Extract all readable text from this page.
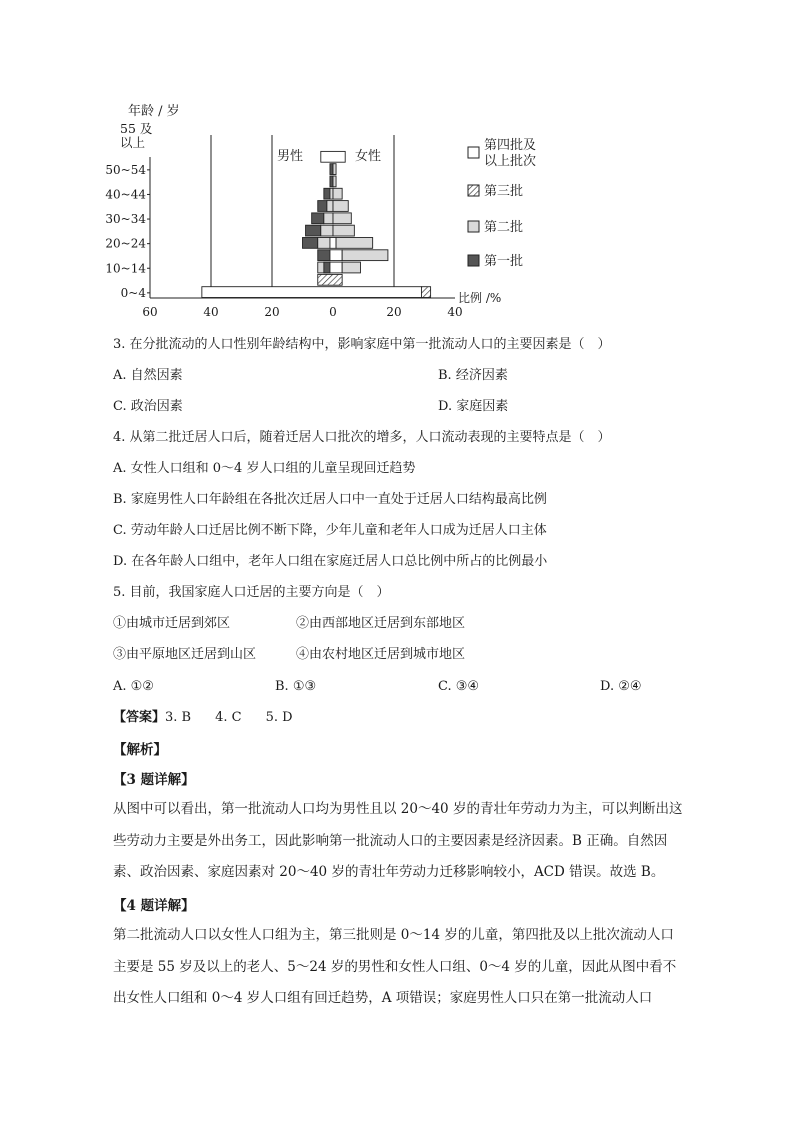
年龄 / 岁
0~4
10~14
20~24
30~34
40~44
50~54
55 及
以上
60	40	20	0	20	40
男性	女性
比例 /%
第四批及
以上批次
第三批
第二批
第一批
3. 在分批流动的人口性别年龄结构中，影响家庭中第一批流动人口的主要因素是（　）
A. 自然因素	B. 经济因素
C. 政治因素	D. 家庭因素
4. 从第二批迁居人口后，随着迁居人口批次的增多，人口流动表现的主要特点是（　）
A. 女性人口组和 0～4 岁人口组的儿童呈现回迁趋势
B. 家庭男性人口年龄组在各批次迁居人口中一直处于迁居人口结构最高比例
C. 劳动年龄人口迁居比例不断下降，少年儿童和老年人口成为迁居人口主体
D. 在各年龄人口组中，老年人口组在家庭迁居人口总比例中所占的比例最小
5. 目前，我国家庭人口迁居的主要方向是（　）
①由城市迁居到郊区	②由西部地区迁居到东部地区
③由平原地区迁居到山区	④由农村地区迁居到城市地区
A. ①②	B. ①③	C. ③④	D. ②④
【答案】3. B 4. C 5. D
【解析】
【3 题详解】
从图中可以看出，第一批流动人口均为男性且以 20～40 岁的青壮年劳动力为主，可以判断出这些劳动力主要是外出务工，因此影响第一批流动人口的主要因素是经济因素。B 正确。自然因素、政治因素、家庭因素对 20～40 岁的青壮年劳动力迁移影响较小，ACD 错误。故选 B。
【4 题详解】
第二批流动人口以女性人口组为主，第三批则是 0～14 岁的儿童，第四批及以上批次流动人口主要是 55 岁及以上的老人、5～24 岁的男性和女性人口组、0～4 岁的儿童，因此从图中看不出女性人口组和 0～4 岁人口组有回迁趋势，A 项错误；家庭男性人口只在第一批流动人口
